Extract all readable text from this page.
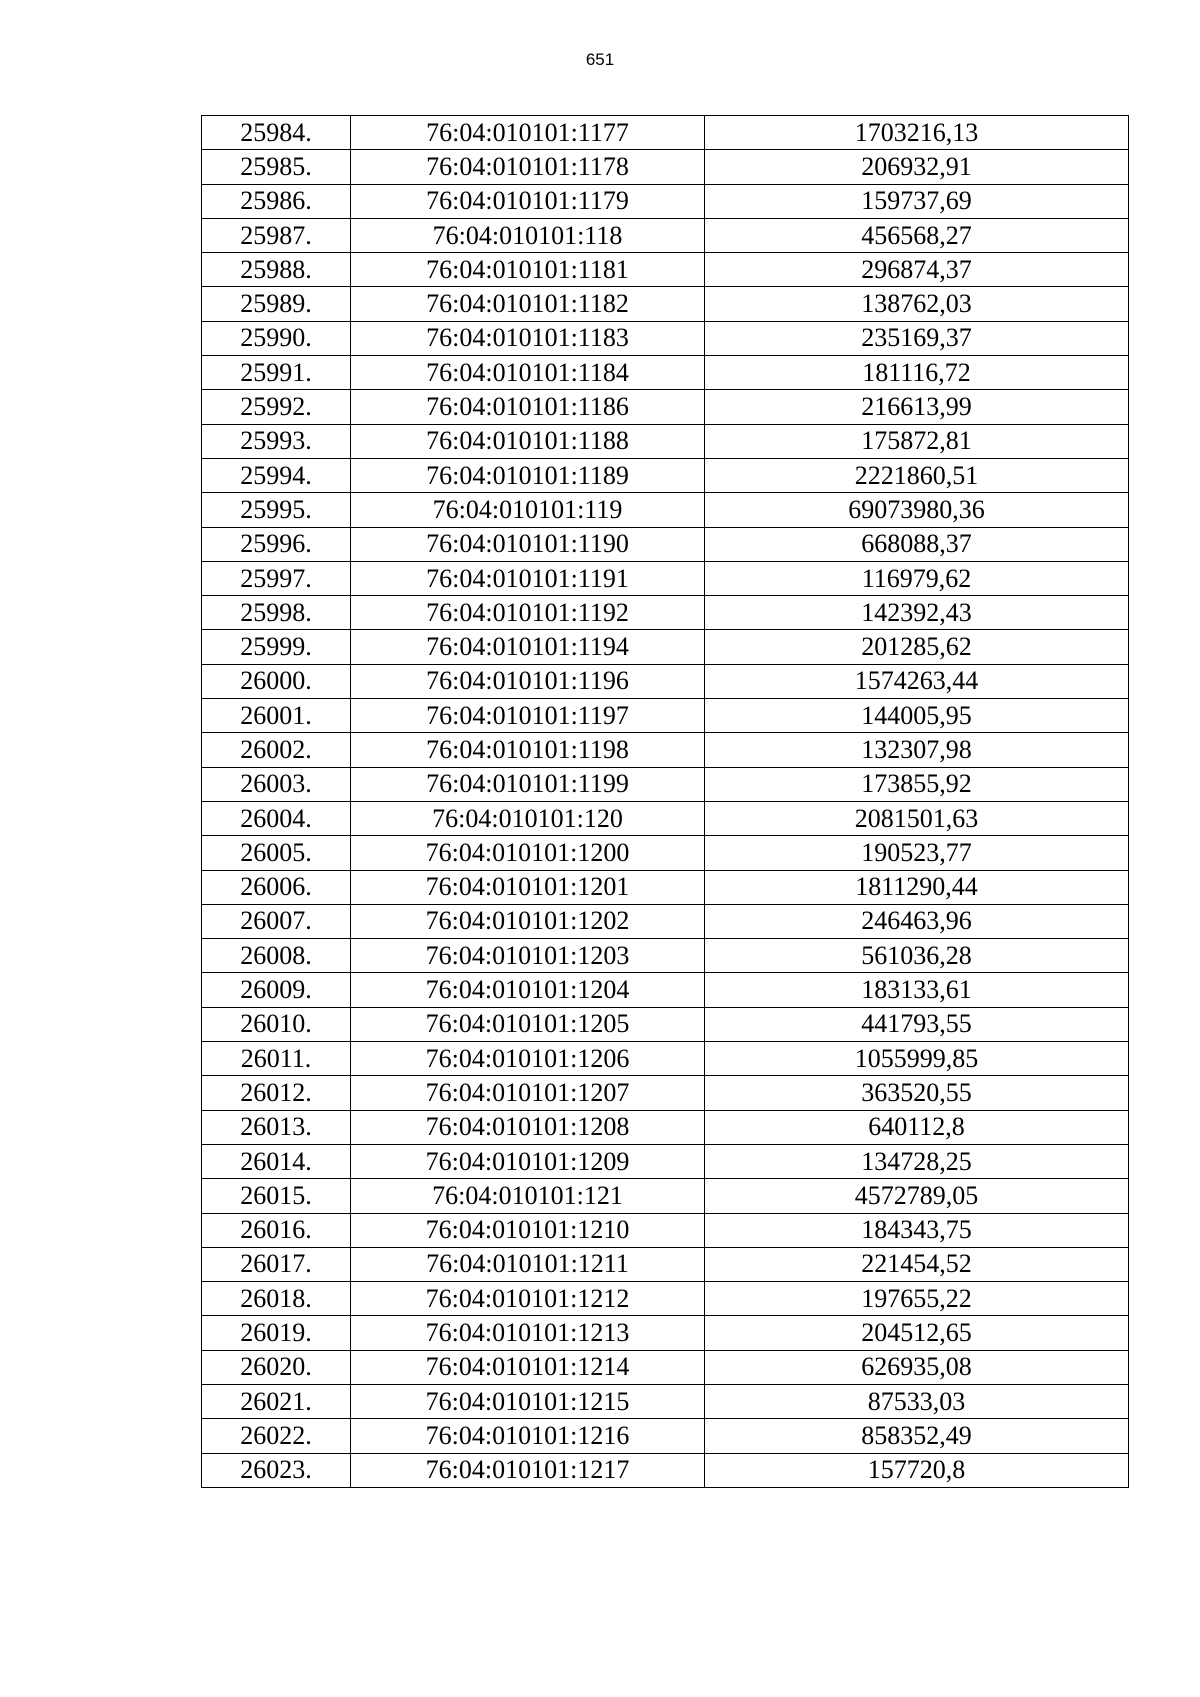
651
25984.	76:04:010101:1177	1703216,13
25985.	76:04:010101:1178	206932,91
25986.	76:04:010101:1179	159737,69
25987.	76:04:010101:118	456568,27
25988.	76:04:010101:1181	296874,37
25989.	76:04:010101:1182	138762,03
25990.	76:04:010101:1183	235169,37
25991.	76:04:010101:1184	181116,72
25992.	76:04:010101:1186	216613,99
25993.	76:04:010101:1188	175872,81
25994.	76:04:010101:1189	2221860,51
25995.	76:04:010101:119	69073980,36
25996.	76:04:010101:1190	668088,37
25997.	76:04:010101:1191	116979,62
25998.	76:04:010101:1192	142392,43
25999.	76:04:010101:1194	201285,62
26000.	76:04:010101:1196	1574263,44
26001.	76:04:010101:1197	144005,95
26002.	76:04:010101:1198	132307,98
26003.	76:04:010101:1199	173855,92
26004.	76:04:010101:120	2081501,63
26005.	76:04:010101:1200	190523,77
26006.	76:04:010101:1201	1811290,44
26007.	76:04:010101:1202	246463,96
26008.	76:04:010101:1203	561036,28
26009.	76:04:010101:1204	183133,61
26010.	76:04:010101:1205	441793,55
26011.	76:04:010101:1206	1055999,85
26012.	76:04:010101:1207	363520,55
26013.	76:04:010101:1208	640112,8
26014.	76:04:010101:1209	134728,25
26015.	76:04:010101:121	4572789,05
26016.	76:04:010101:1210	184343,75
26017.	76:04:010101:1211	221454,52
26018.	76:04:010101:1212	197655,22
26019.	76:04:010101:1213	204512,65
26020.	76:04:010101:1214	626935,08
26021.	76:04:010101:1215	87533,03
26022.	76:04:010101:1216	858352,49
26023.	76:04:010101:1217	157720,8
